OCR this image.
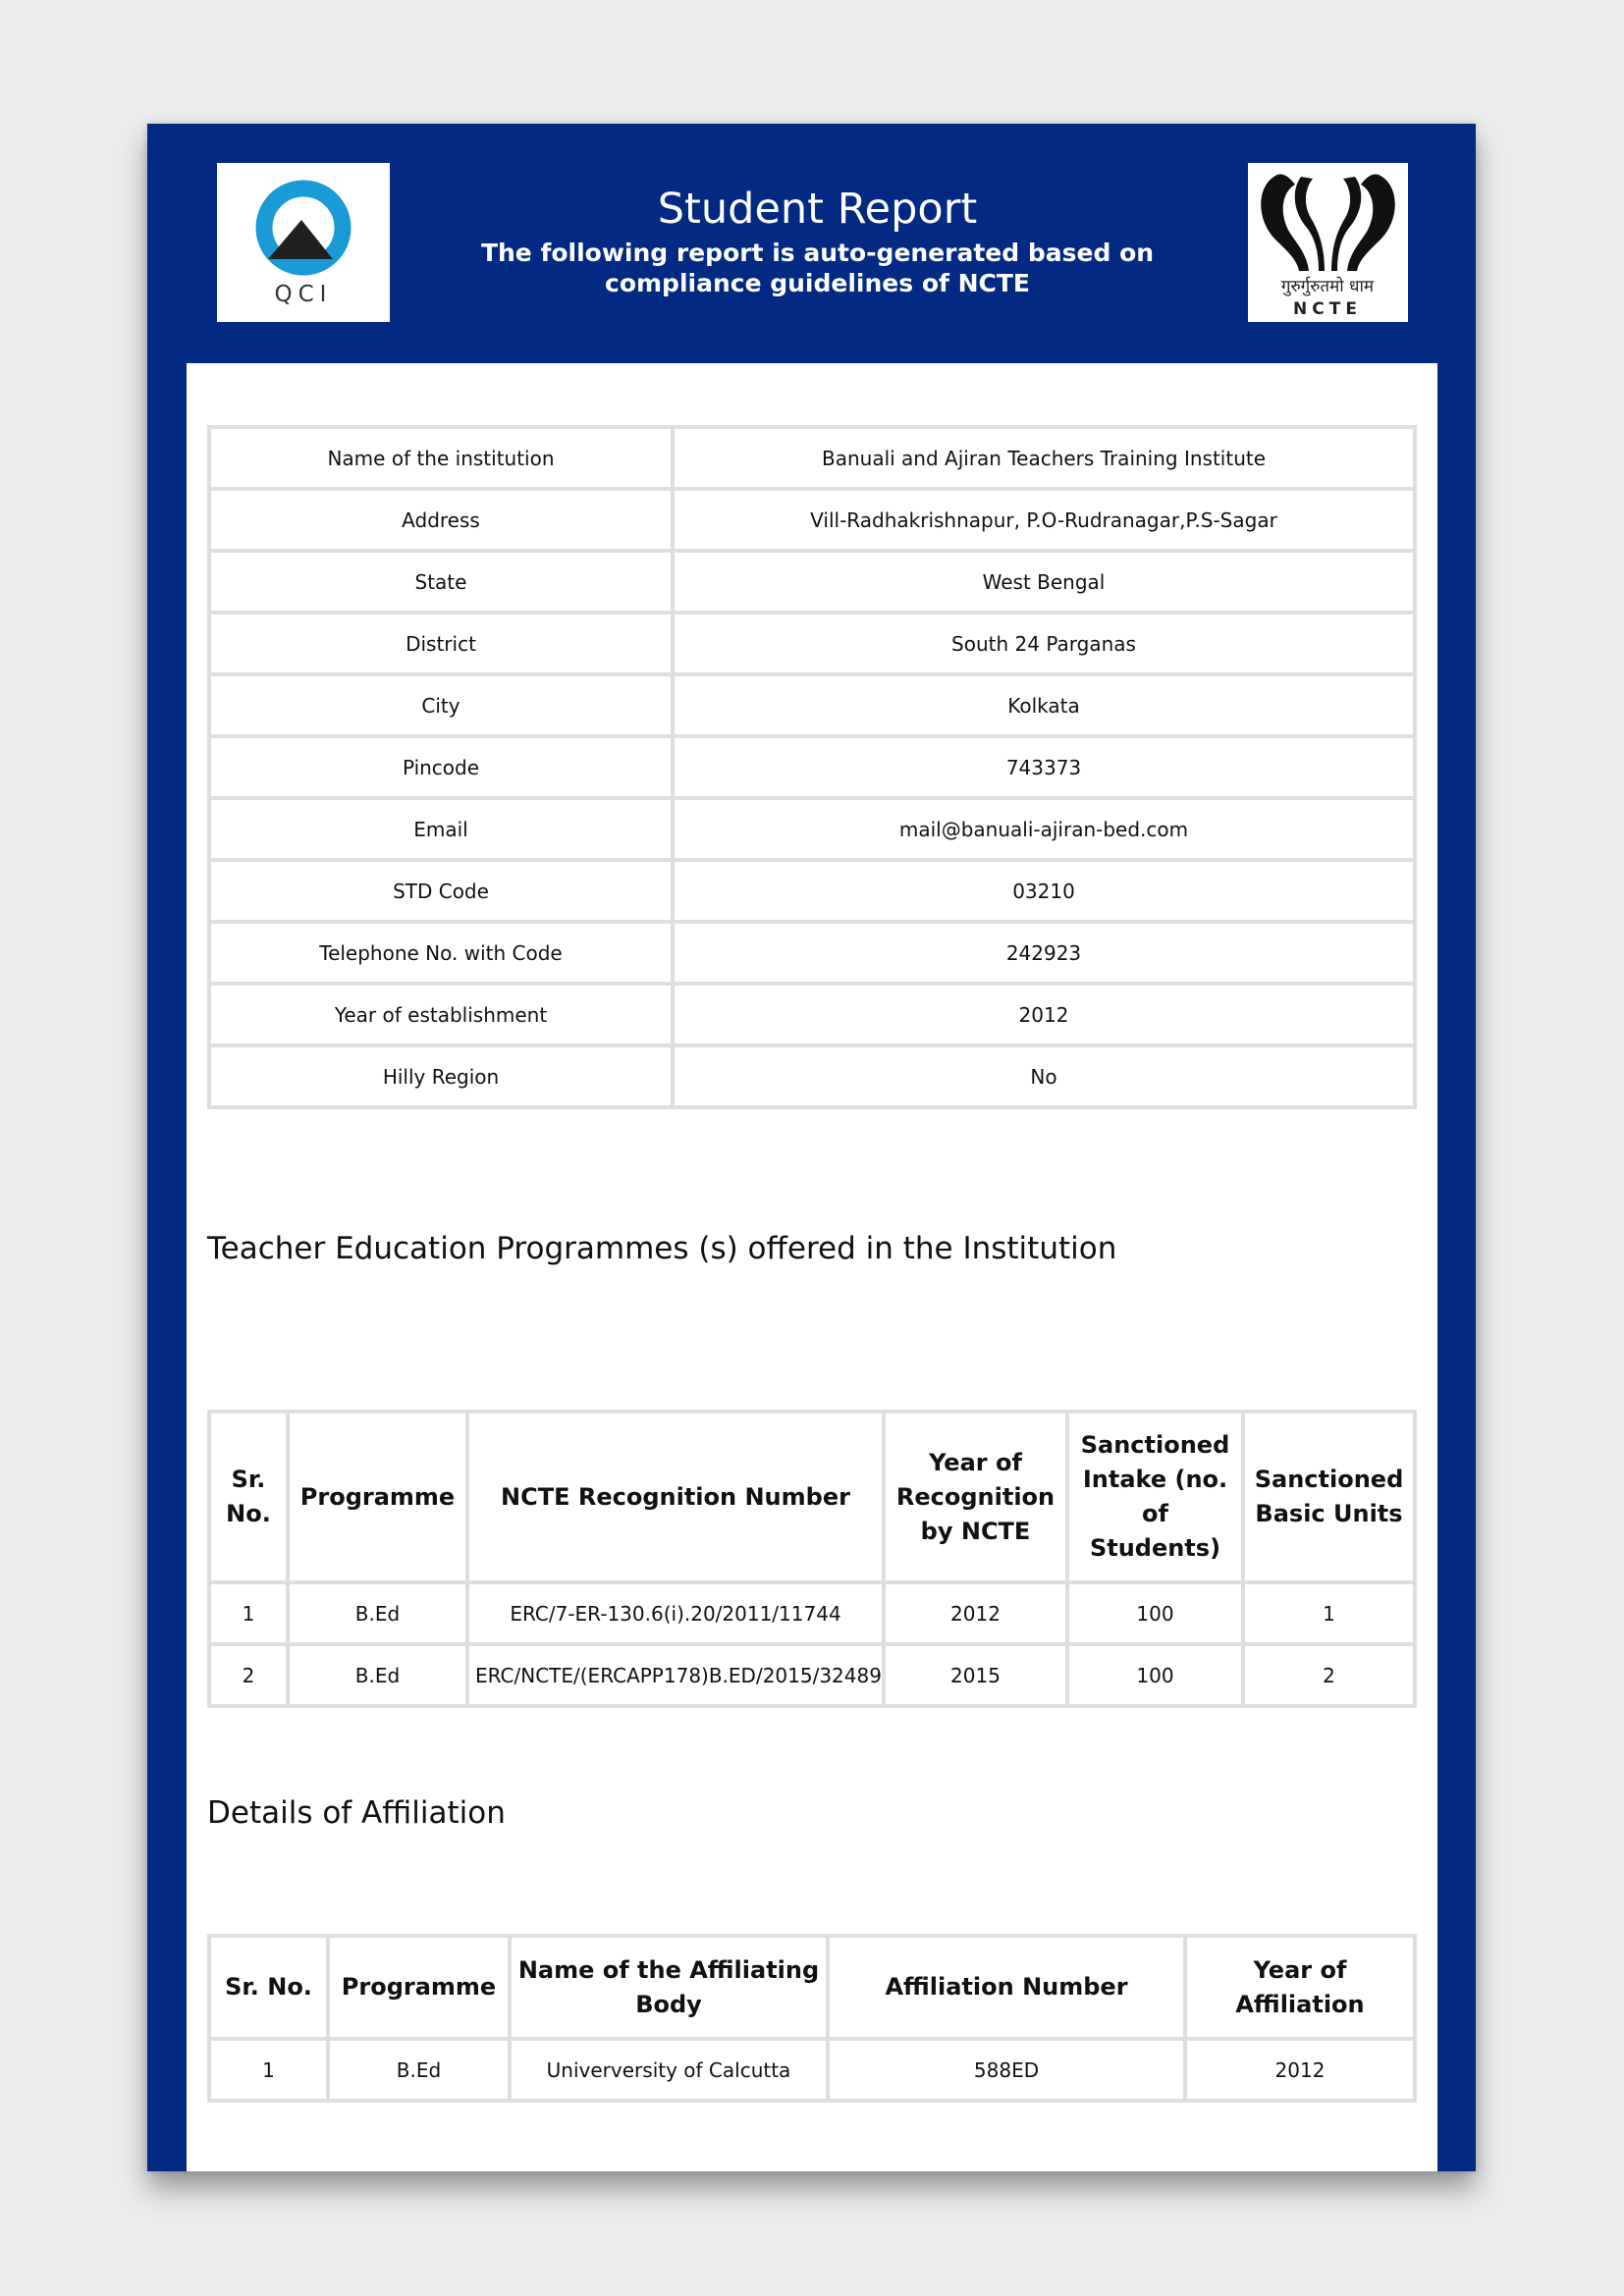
QCI
Student Report
The following report is auto-generated based on compliance guidelines of NCTE	गुरुर्गुरुतमो धाम
NCTE
Name of the institution	Banuali and Ajiran Teachers Training Institute
Address	Vill-Radhakrishnapur, P.O-Rudranagar,P.S-Sagar
State	West Bengal
District	South 24 Parganas
City	Kolkata
Pincode	743373
Email	mail@banuali-ajiran-bed.com
STD Code	03210
Telephone No. with Code	242923
Year of establishment	2012
Hilly Region	No
Teacher Education Programmes (s) offered in the Institution
Sr. No.	Programme	NCTE Recognition Number	Year of Recognition by NCTE	Sanctioned Intake (no. of Students)	Sanctioned Basic Units
1	B.Ed	ERC/7-ER-130.6(i).20/2011/11744	2012	100	1
2	B.Ed	ERC/NCTE/(ERCAPP178)B.ED/2015/32489	2015	100	2
Details of Affiliation
Sr. No.	Programme	Name of the Affiliating Body	Affiliation Number	Year of Affiliation
1	B.Ed	Univerversity of Calcutta	588ED	2012
